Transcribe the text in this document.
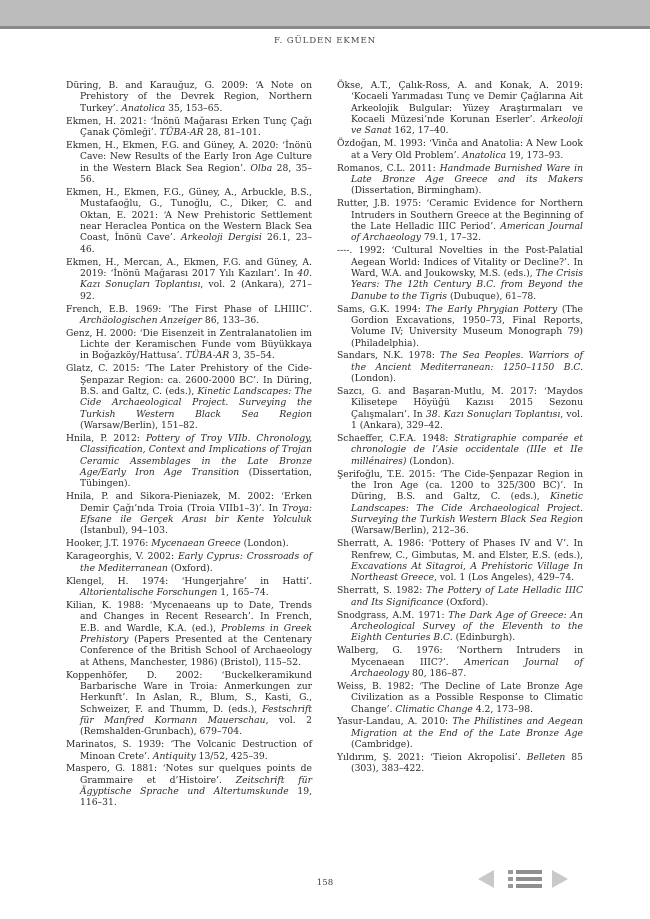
F. GÜLDEN EKMEN

Düring, B. and Karauğuz, G. 2009: ‘A Note on Prehistory of the Devrek Region, Northern Turkey’. Anatolica 35, 153–65.

Ekmen, H. 2021: ‘İnönü Mağarası Erken Tunç Çağı Çanak Çömleği’. TÜBA-AR 28, 81–101.

Ekmen, H., Ekmen, F.G. and Güney, A. 2020: ‘İnönü Cave: New Results of the Early Iron Age Culture in the Western Black Sea Region’. Olba 28, 35–56.

Ekmen, H., Ekmen, F.G., Güney, A., Arbuckle, B.S., Mustafaoğlu, G., Tunoğlu, C., Diker, C. and Oktan, E. 2021: ‘A New Prehistoric Settlement near Heraclea Pontica on the Western Black Sea Coast, İnönü Cave’. Arkeoloji Dergisi 26.1, 23–46.

Ekmen, H., Mercan, A., Ekmen, F.G. and Güney, A. 2019: ‘İnönü Mağarası 2017 Yılı Kazıları’. In 40. Kazı Sonuçları Toplantısı, vol. 2 (Ankara), 271–92.

French, E.B. 1969: ‘The First Phase of LHIIIC’. Archäologischen Anzeiger 86, 133–36.

Genz, H. 2000: ‘Die Eisenzeit in Zentralanatolien im Lichte der Keramischen Funde vom Büyükkaya in Boğazköy/Hattusa’. TÜBA-AR 3, 35–54.

Glatz, C. 2015: ‘The Later Prehistory of the Cide-Şenpazar Region: ca. 2600-2000 BC’. In Düring, B.S. and Galtz, C. (eds.), Kinetic Landscapes: The Cide Archaeological Project. Surveying the Turkish Western Black Sea Region (Warsaw/Berlin), 151–82.

Hnila, P. 2012: Pottery of Troy VIIb. Chronology, Classification, Context and Implications of Trojan Ceramic Assemblages in the Late Bronze Age/Early Iron Age Transition (Dissertation, Tübingen).

Hnila, P. and Sikora-Pieniazek, M. 2002: ‘Erken Demir Çağı’nda Troia (Troia VIIb1–3)’. In Troya: Efsane ile Gerçek Arası bir Kente Yolculuk (İstanbul), 94–103.

Hooker, J.T. 1976: Mycenaean Greece (London).

Karageorghis, V. 2002: Early Cyprus: Crossroads of the Mediterranean (Oxford).

Klengel, H. 1974: ‘Hungerjahre’ in Hatti’. Altorientalische Forschungen 1, 165–74.

Kilian, K. 1988: ‘Mycenaeans up to Date, Trends and Changes in Recent Research’. In French, E.B. and Wardle, K.A. (ed.), Problems in Greek Prehistory (Papers Presented at the Centenary Conference of the British School of Archaeology at Athens, Manchester, 1986) (Bristol), 115–52.

Koppenhöfer, D. 2002: ‘Buckelkeramikund Barbarische Ware in Troia: Anmerkungen zur Herkunft’. In Aslan, R., Blum, S., Kasti, G., Schweizer, F. and Thumm, D. (eds.), Festschrift für Manfred Kormann Mauerschau, vol. 2 (Remshalden-Grunbach), 679–704.

Marinatos, S. 1939: ‘The Volcanic Destruction of Minoan Crete’. Antiquity 13/52, 425–39.

Maspero, G. 1881: ‘Notes sur quelques points de Grammaire et d’Histoire’. Zeitschrift für Ägyptische Sprache und Altertumskunde 19, 116–31.

Ökse, A.T., Çalık-Ross, A. and Konak, A. 2019: ‘Kocaeli Yarımadası Tunç ve Demir Çağlarına Ait Arkeolojik Bulgular: Yüzey Araştırmaları ve Kocaeli Müzesi’nde Korunan Eserler’. Arkeoloji ve Sanat 162, 17–40.

Özdoğan, M. 1993: ‘Vinča and Anatolia: A New Look at a Very Old Problem’. Anatolica 19, 173–93.

Romanos, C.L. 2011: Handmade Burnished Ware in Late Bronze Age Greece and its Makers (Dissertation, Birmingham).

Rutter, J.B. 1975: ‘Ceramic Evidence for Northern Intruders in Southern Greece at the Beginning of the Late Helladic IIIC Period’. American Journal of Archaeology 79.1, 17–32.

----. 1992: ‘Cultural Novelties in the Post-Palatial Aegean World: Indices of Vitality or Decline?’. In Ward, W.A. and Joukowsky, M.S. (eds.), The Crisis Years: The 12th Century B.C. from Beyond the Danube to the Tigris (Dubuque), 61–78.

Sams, G.K. 1994: The Early Phrygian Pottery (The Gordion Excavations, 1950–73, Final Reports, Volume IV; University Museum Monograph 79) (Philadelphia).

Sandars, N.K. 1978: The Sea Peoples. Warriors of the Ancient Mediterranean: 1250–1150 B.C. (London).

Sazcı, G. and Başaran-Mutlu, M. 2017: ‘Maydos Kilisetepe Höyüğü Kazısı 2015 Sezonu Çalışmaları’. In 38. Kazı Sonuçları Toplantısı, vol. 1 (Ankara), 329–42.

Schaeffer, C.F.A. 1948: Stratigraphie comparée et chronologie de l’Asie occidentale (IIIe et IIe millénaires) (London).

Şerifoğlu, T.E. 2015: ‘The Cide-Şenpazar Region in the Iron Age (ca. 1200 to 325/300 BC)’. In Düring, B.S. and Galtz, C. (eds.), Kinetic Landscapes: The Cide Archaeological Project. Surveying the Turkish Western Black Sea Region (Warsaw/Berlin), 212–36.

Sherratt, A. 1986: ‘Pottery of Phases IV and V’. In Renfrew, C., Gimbutas, M. and Elster, E.S. (eds.), Excavations At Sitagroi, A Prehistoric Village In Northeast Greece, vol. 1 (Los Angeles), 429–74.

Sherratt, S. 1982: The Pottery of Late Helladic IIIC and Its Significance (Oxford).

Snodgrass, A.M. 1971: The Dark Age of Greece: An Archeological Survey of the Eleventh to the Eighth Centuries B.C. (Edinburgh).

Walberg, G. 1976: ‘Northern Intruders in Mycenaean IIIC?’. American Journal of Archaeology 80, 186–87.

Weiss, B. 1982: ‘The Decline of Late Bronze Age Civilization as a Possible Response to Climatic Change’. Climatic Change 4.2, 173–98.

Yasur-Landau, A. 2010: The Philistines and Aegean Migration at the End of the Late Bronze Age (Cambridge).

Yıldırım, Ş. 2021: ‘Tieion Akropolisi’. Belleten 85 (303), 383–422.

158
